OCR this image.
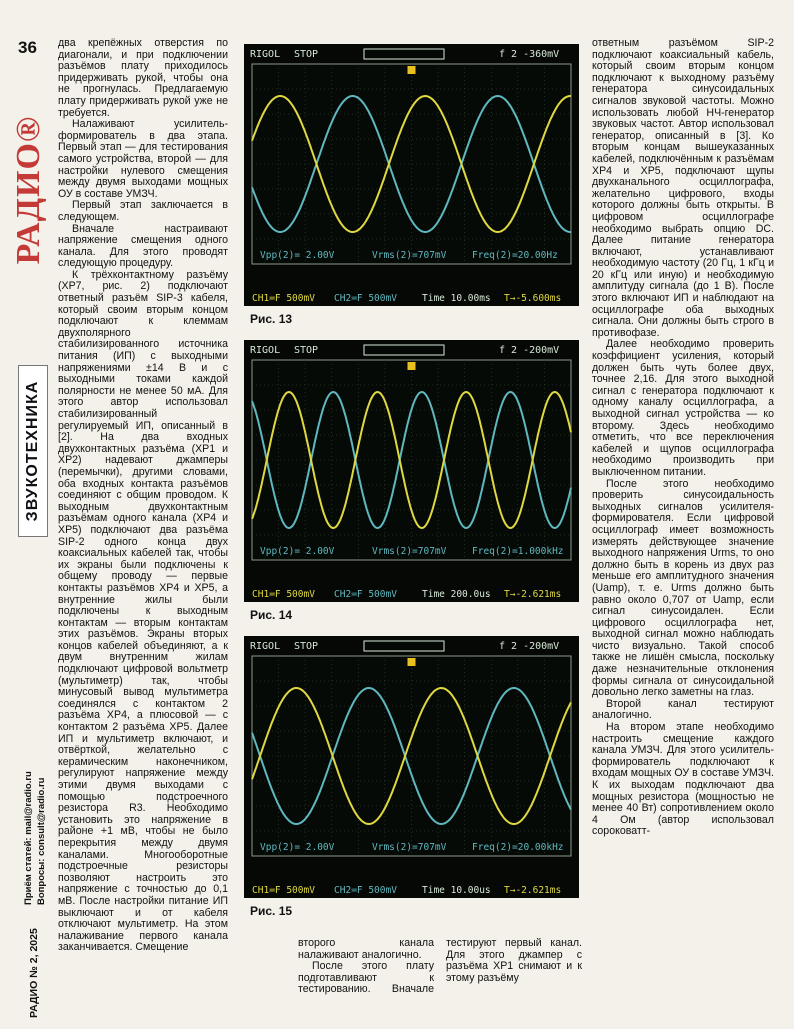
36
РАДИО®
ЗВУКОТЕХНИКА
Приём статей: mail@radio.ru Вопросы: consult@radio.ru
РАДИО № 2, 2025

два крепёжных отверстия по диагонали, и при подключении разъёмов плату приходилось придерживать рукой, чтобы она не прогнулась. Предлагаемую плату придерживать рукой уже не требуется.

Налаживают усилитель-формирователь в два этапа. Первый этап — для тестирования самого устройства, второй — для настройки нулевого смещения между двумя выходами мощных ОУ в составе УМЗЧ.

Первый этап заключается в следующем.

Вначале настраивают напряжение смещения одного канала. Для этого проводят следующую процедуру.

К трёхконтактному разъёму (XP7, рис. 2) подключают ответный разъём SIP-3 кабеля, который своим вторым концом подключают к клеммам двухполярного стабилизированного источника питания (ИП) с выходными напряжениями ±14 В и с выходными токами каждой полярности не менее 50 мА. Для этого автор использовал стабилизированный регулируемый ИП, описанный в [2]. На два входных двухконтактных разъёма (XP1 и XP2) надевают джамперы (перемычки), другими словами, оба входных контакта разъёмов соединяют с общим проводом. К выходным двухконтактным разъёмам одного канала (XP4 и XP5) подключают два разъёма SIP-2 одного конца двух коаксиальных кабелей так, чтобы их экраны были подключены к общему проводу — первые контакты разъёмов XP4 и XP5, а внутренние жилы были подключены к выходным контактам — вторым контактам этих разъёмов. Экраны вторых концов кабелей объединяют, а к двум внутренним жилам подключают цифровой вольтметр (мультиметр) так, чтобы минусовый вывод мультиметра соединялся с контактом 2 разъёма XP4, а плюсовой — с контактом 2 разъёма XP5. Далее ИП и мультиметр включают, и отвёрткой, желательно с керамическим наконечником, регулируют напряжение между этими двумя выходами с помощью подстроечного резистора R3. Необходимо установить это напряжение в районе +1 мВ, чтобы не было перекрытия между двумя каналами. Многооборотные подстроечные резисторы позволяют настроить это напряжение с точностью до 0,1 мВ. После настройки питание ИП выключают и от кабеля отключают мультиметр. На этом налаживание первого канала заканчивается. Смещение	второго канала налаживают аналогично.

После этого плату подготавливают к тестированию. Вначале тестируют первый канал. Для этого джампер с разъёма XP1 снимают и к этому разъёму

ответным разъёмом SIP-2 подключают коаксиальный кабель, который своим вторым концом подключают к выходному разъёму генератора синусоидальных сигналов звуковой частоты. Можно использовать любой НЧ-генератор звуковых частот. Автор использовал генератор, описанный в [3]. Ко вторым концам вышеуказанных кабелей, подключённым к разъёмам XP4 и XP5, подключают щупы двухканального осциллографа, желательно цифрового, входы которого должны быть открыты. В цифровом осциллографе необходимо выбрать опцию DC. Далее питание генератора включают, устанавливают необходимую частоту (20 Гц, 1 кГц и 20 кГц или иную) и необходимую амплитуду сигнала (до 1 В). После этого включают ИП и наблюдают на осциллографе оба выходных сигнала. Они должны быть строго в противофазе.

Далее необходимо проверить коэффициент усиления, который должен быть чуть более двух, точнее 2,16. Для этого выходной сигнал с генератора подключают к одному каналу осциллографа, а выходной сигнал устройства — ко второму. Здесь необходимо отметить, что все переключения кабелей и щупов осциллографа необходимо производить при выключенном питании.

После этого необходимо проверить синусоидальность выходных сигналов усилителя-формирователя. Если цифровой осциллограф имеет возможность измерять действующее значение выходного напряжения Urms, то оно должно быть в корень из двух раз меньше его амплитудного значения (Uamp), т. е. Urms должно быть равно около 0,707 от Uamp, если сигнал синусоидален. Если цифрового осциллографа нет, выходной сигнал можно наблюдать чисто визуально. Такой способ также не лишён смысла, поскольку даже незначительные отклонения формы сигнала от синусоидальной довольно легко заметны на глаз.

Второй канал тестируют аналогично.

На втором этапе необходимо настроить смещение каждого канала УМЗЧ. Для этого усилитель-формирователь подключают к входам мощных ОУ в составе УМЗЧ. К их выходам подключают два мощных резистора (мощностью не менее 40 Вт) сопротивлением около 4 Ом (автор использовал сороковатт-

RIGOL STOP	f 2 -360mV
Vpp(2)= 2.00V	Vrms(2)=707mV	Freq(2)=20.00Hz
CH1≕F 500mV CH2≕F 500mV	Time 10.00ms T→-5.600ms
Рис. 13
RIGOL STOP	f 2 -200mV
Vpp(2)= 2.00V	Vrms(2)=707mV	Freq(2)=1.000kHz
CH1≕F 500mV CH2≕F 500mV	Time 200.0us T→-2.621ms
Рис. 14
RIGOL STOP	f 2 -200mV
Vpp(2)= 2.00V	Vrms(2)=707mV	Freq(2)=20.00kHz
CH1≕F 500mV CH2≕F 500mV	Time 10.00us T→-2.621ms
Рис. 15
